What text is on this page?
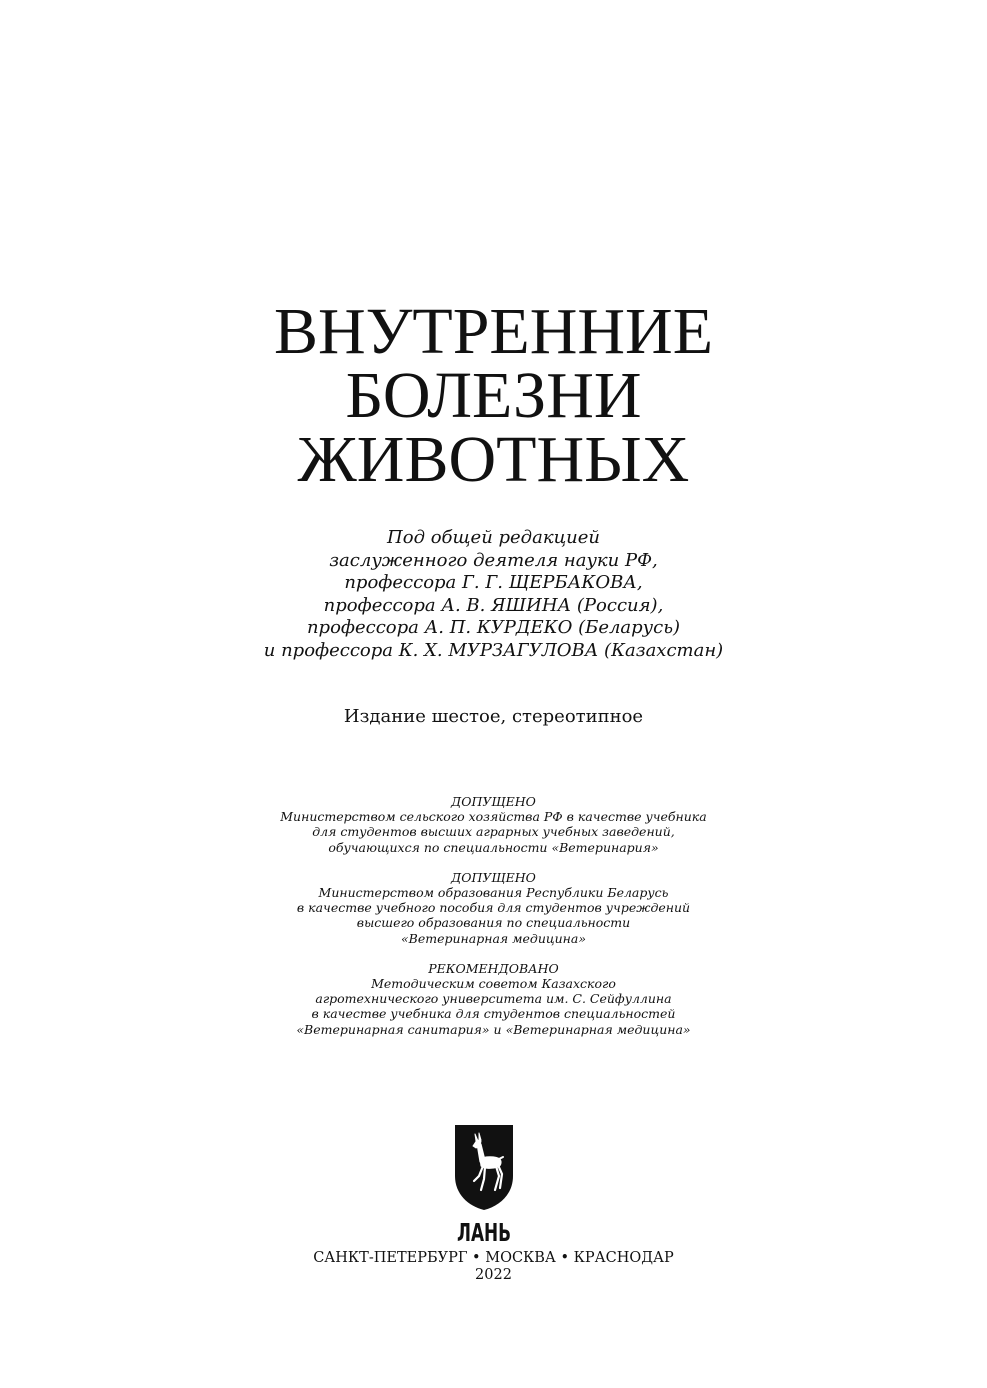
ВНУТРЕННИЕ
БОЛЕЗНИ
ЖИВОТНЫХ
Под общей редакцией
заслуженного деятеля науки РФ,
профессора Г. Г. ЩЕРБАКОВА,
профессора А. В. ЯШИНА (Россия),
профессора А. П. КУРДЕКО (Беларусь)
и профессора К. Х. МУРЗАГУЛОВА (Казахстан)
Издание шестое, стереотипное
ДОПУЩЕНО
Министерством сельского хозяйства РФ в качестве учебника
для студентов высших аграрных учебных заведений,
обучающихся по специальности «Ветеринария»
ДОПУЩЕНО
Министерством образования Республики Беларусь
в качестве учебного пособия для студентов учреждений
высшего образования по специальности
«Ветеринарная медицина»
РЕКОМЕНДОВАНО
Методическим советом Казахского
агротехнического университета им. С. Сейфуллина
в качестве учебника для студентов специальностей
«Ветеринарная санитария» и «Ветеринарная медицина»
ЛАНЬ
САНКТ-ПЕТЕРБУРГ • МОСКВА • КРАСНОДАР
2022
